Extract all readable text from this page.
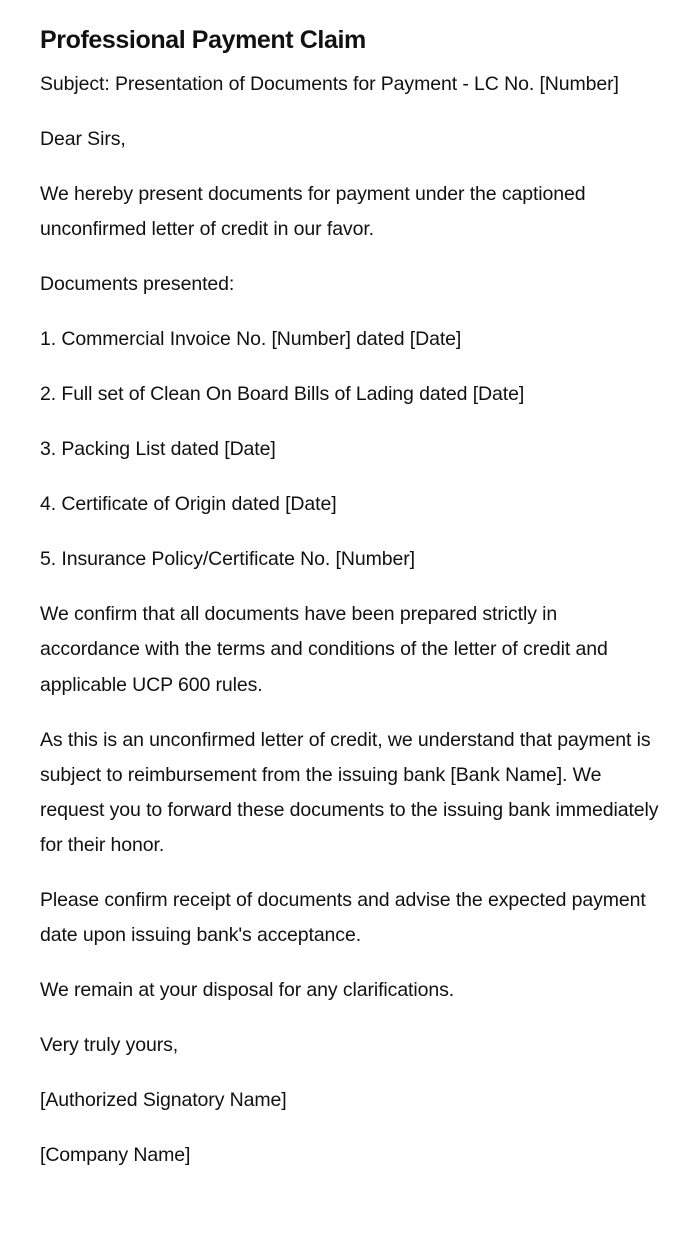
Professional Payment Claim

Subject: Presentation of Documents for Payment - LC No. [Number]

Dear Sirs,

We hereby present documents for payment under the captioned unconfirmed letter of credit in our favor.

Documents presented:

1. Commercial Invoice No. [Number] dated [Date]

2. Full set of Clean On Board Bills of Lading dated [Date]

3. Packing List dated [Date]

4. Certificate of Origin dated [Date]

5. Insurance Policy/Certificate No. [Number]

We confirm that all documents have been prepared strictly in accordance with the terms and conditions of the letter of credit and applicable UCP 600 rules.

As this is an unconfirmed letter of credit, we understand that payment is subject to reimbursement from the issuing bank [Bank Name]. We request you to forward these documents to the issuing bank immediately for their honor.

Please confirm receipt of documents and advise the expected payment date upon issuing bank's acceptance.

We remain at your disposal for any clarifications.

Very truly yours,

[Authorized Signatory Name]

[Company Name]
